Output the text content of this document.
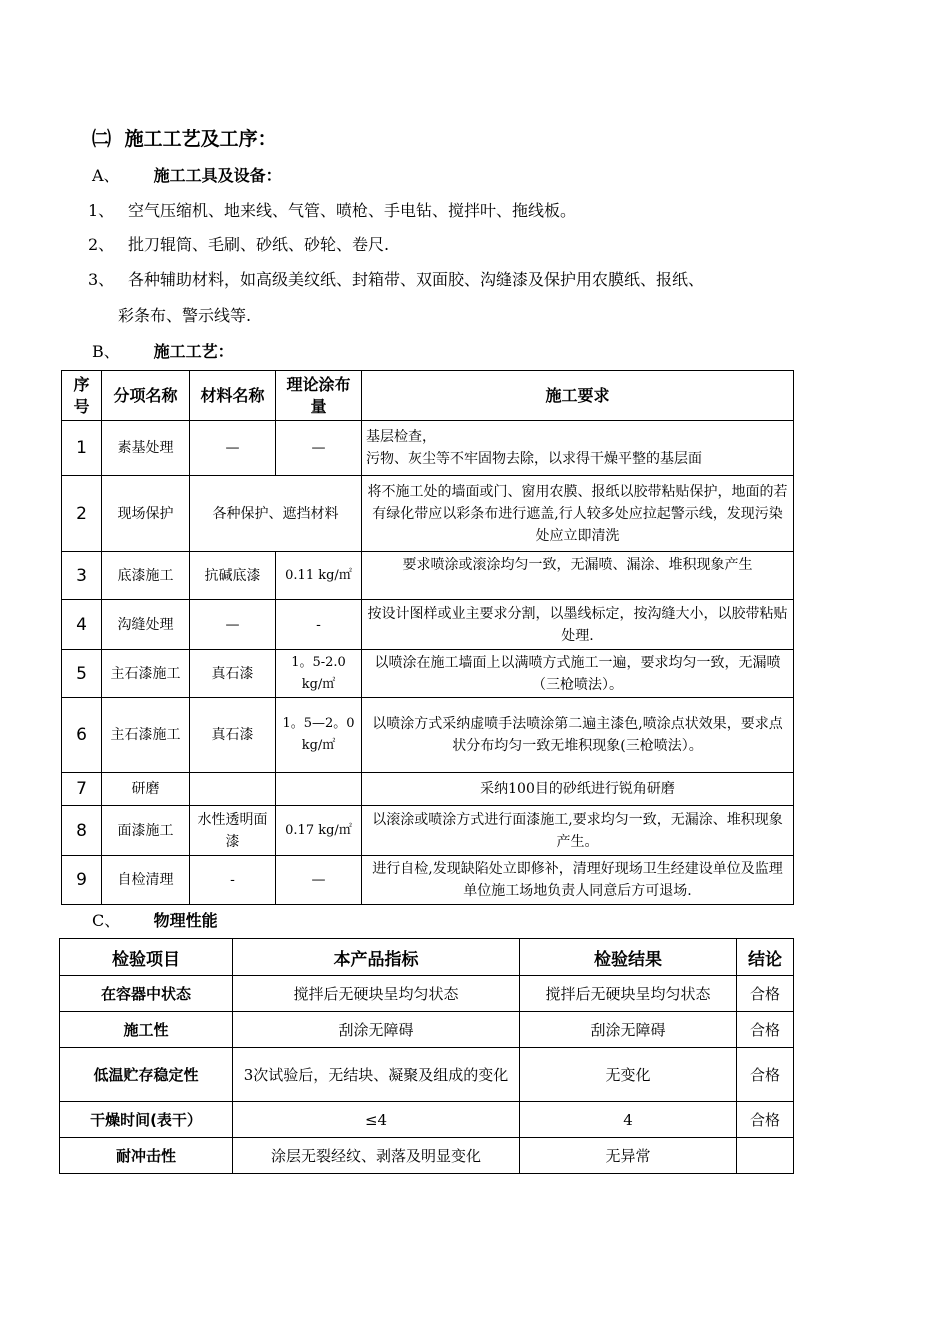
㈡ 施工工艺及工序：
A、 施工工具及设备：
1、 空气压缩机、地来线、气管、喷枪、手电钻、搅拌叶、拖线板。
2、 批刀辊筒、毛刷、砂纸、砂轮、卷尺.
3、 各种辅助材料，如高级美纹纸、封箱带、双面胶、沟缝漆及保护用农膜纸、报纸、
彩条布、警示线等.
B、 施工工艺：
序号	分项名称	材料名称	理论涂布量	施工要求
1	素基处理	—	—	基层检查，
污物、灰尘等不牢固物去除，以求得干燥平整的基层面

2	现场保护	各种保护、遮挡材料		将不施工处的墙面或门、窗用农膜、报纸以胶带粘贴保护，地面的若有绿化带应以彩条布进行遮盖,行人较多处应拉起警示线，发现污染处应立即清洗
3	底漆施工	抗碱底漆	0.11 kg/㎡	要求喷涂或滚涂均匀一致，无漏喷、漏涂、堆积现象产生

4	沟缝处理	—	-	按设计图样或业主要求分割，以墨线标定，按沟缝大小，以胶带粘贴处理.
5	主石漆施工	真石漆	1。5-2.0 kg/㎡	以喷涂在施工墙面上以满喷方式施工一遍，要求均匀一致，无漏喷（三枪喷法）。
6	主石漆施工	真石漆	1。5—2。0 kg/㎡	以喷涂方式采纳虚喷手法喷涂第二遍主漆色,喷涂点状效果，要求点状分布均匀一致无堆积现象(三枪喷法）。
7	研磨			采纳100目的砂纸进行锐角研磨
8	面漆施工	水性透明面漆	0.17 kg/㎡	以滚涂或喷涂方式进行面漆施工,要求均匀一致，无漏涂、堆积现象产生。
9	自检清理	-	—	进行自检,发现缺陷处立即修补，清理好现场卫生经建设单位及监理单位施工场地负责人同意后方可退场.
C、 物理性能
检验项目	本产品指标	检验结果	结论
在容器中状态	搅拌后无硬块呈均匀状态	搅拌后无硬块呈均匀状态	合格
施工性	刮涂无障碍	刮涂无障碍	合格
低温贮存稳定性	3次试验后，无结块、凝聚及组成的变化	无变化	合格
干燥时间(表干）	≤4	4	合格
耐冲击性	涂层无裂经纹、剥落及明显变化	无异常	
